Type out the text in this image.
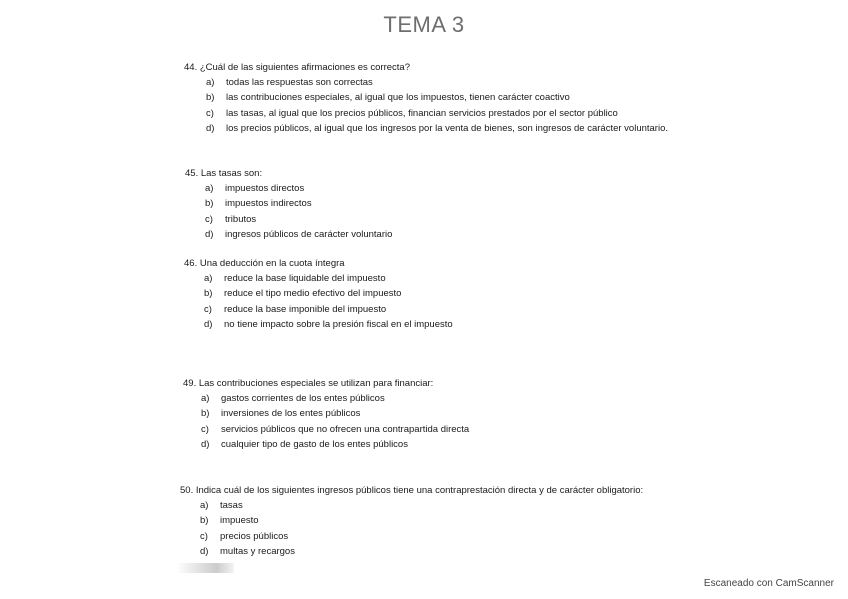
TEMA 3
44. ¿Cuál de las siguientes afirmaciones es correcta?
a)	todas las respuestas son correctas
b)	las contribuciones especiales, al igual que los impuestos, tienen carácter coactivo
c)	las tasas, al igual que los precios públicos, financian servicios prestados por el sector público
d)	los precios públicos, al igual que los ingresos por la venta de bienes, son ingresos de carácter voluntario.
45. Las tasas son:
a)	impuestos directos
b)	impuestos indirectos
c)	tributos
d)	ingresos públicos de carácter voluntario
46. Una deducción en la cuota íntegra
a)	reduce la base liquidable del impuesto
b)	reduce el tipo medio efectivo del impuesto
c)	reduce la base imponible del impuesto
d)	no tiene impacto sobre la presión fiscal en el impuesto
49. Las contribuciones especiales se utilizan para financiar:
a)	gastos corrientes de los entes públicos
b)	inversiones de los entes públicos
c)	servicios públicos que no ofrecen una contrapartida directa
d)	cualquier tipo de gasto de los entes públicos
50. Indica cuál de los siguientes ingresos públicos tiene una contraprestación directa y de carácter obligatorio:
a)	tasas
b)	impuesto
c)	precios públicos
d)	multas y recargos
Escaneado con CamScanner
